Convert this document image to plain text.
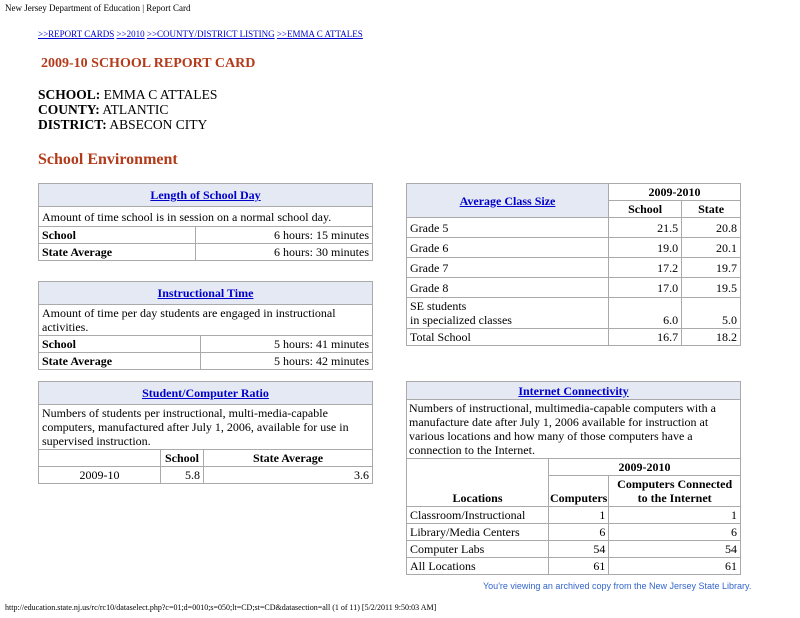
New Jersey Department of Education | Report Card
>>REPORT CARDS >>2010 >>COUNTY/DISTRICT LISTING >>EMMA C ATTALES
2009-10 SCHOOL REPORT CARD
SCHOOL: EMMA C ATTALES
COUNTY: ATLANTIC
DISTRICT: ABSECON CITY
School Environment
Length of School Day	
Amount of time school is in session on a normal school day.	
School	6 hours: 15 minutes
State Average	6 hours: 30 minutes
Instructional Time	
Amount of time per day students are engaged in instructional activities.	
School	5 hours: 41 minutes
State Average	5 hours: 42 minutes
Student/Computer Ratio		
Numbers of students per instructional, multi-media-capable computers, manufactured after July 1, 2006, available for use in supervised instruction.		
	School	State Average
2009-10	5.8	3.6
Average Class Size	2009-2010	
	School	State
Grade 5	21.5	20.8
Grade 6	19.0	20.1
Grade 7	17.2	19.7
Grade 8	17.0	19.5

SE students
in specialized classes	6.0	5.0
Total School	16.7	18.2
Internet Connectivity		
Numbers of instructional, multimedia-capable computers with a manufacture date after July 1, 2006 available for instruction at various locations and how many of those computers have a connection to the Internet.		
Locations	2009-2010	
	Computers	Computers Connected to the Internet
Classroom/Instructional	1	1
Library/Media Centers	6	6
Computer Labs	54	54
All Locations	61	61
You're viewing an archived copy from the New Jersey State Library.
http://education.state.nj.us/rc/rc10/dataselect.php?c=01;d=0010;s=050;lt=CD;st=CD&datasection=all (1 of 11) [5/2/2011 9:50:03 AM]
